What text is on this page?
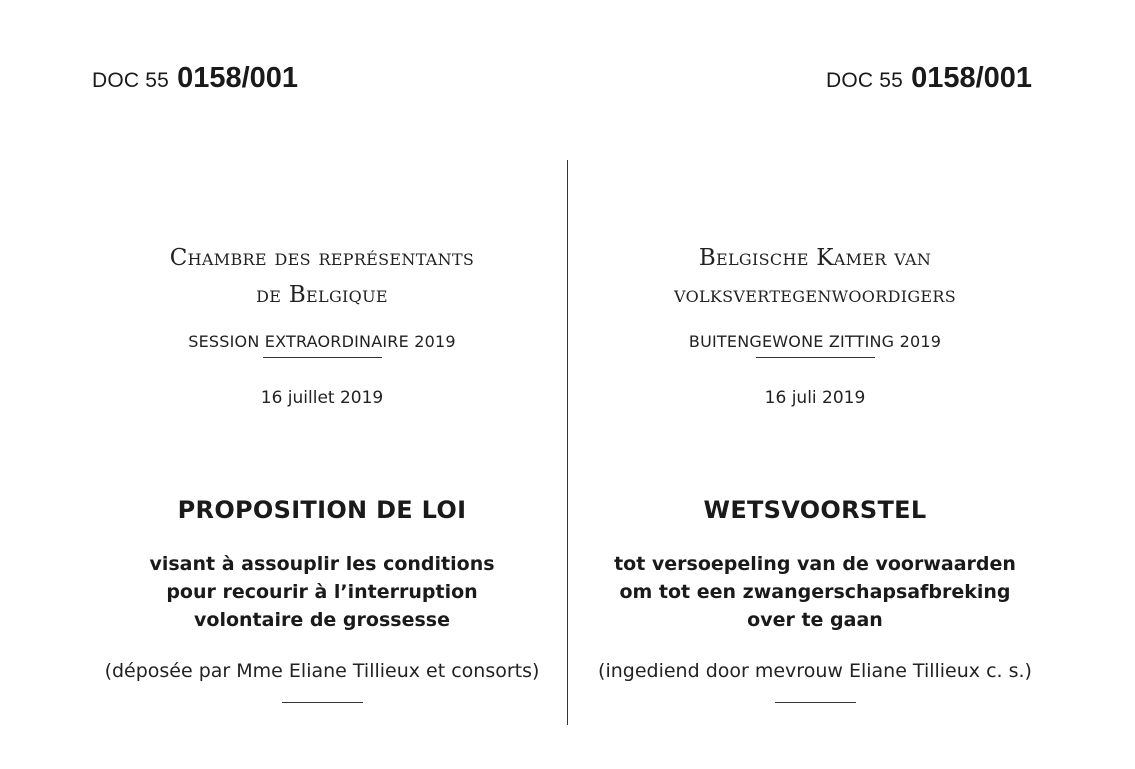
DOC 55 0158/001	DOC 55 0158/001
Chambre des représentants
de Belgique
SESSION EXTRAORDINAIRE 2019
16 juillet 2019
PROPOSITION DE LOI
visant à assouplir les conditions
pour recourir à l’interruption
volontaire de grossesse
(déposée par Mme Eliane Tillieux et consorts)
Belgische Kamer van
volksvertegenwoordigers
BUITENGEWONE ZITTING 2019
16 juli 2019
WETSVOORSTEL
tot versoepeling van de voorwaarden
om tot een zwangerschapsafbreking
over te gaan
(ingediend door mevrouw Eliane Tillieux c. s.)
